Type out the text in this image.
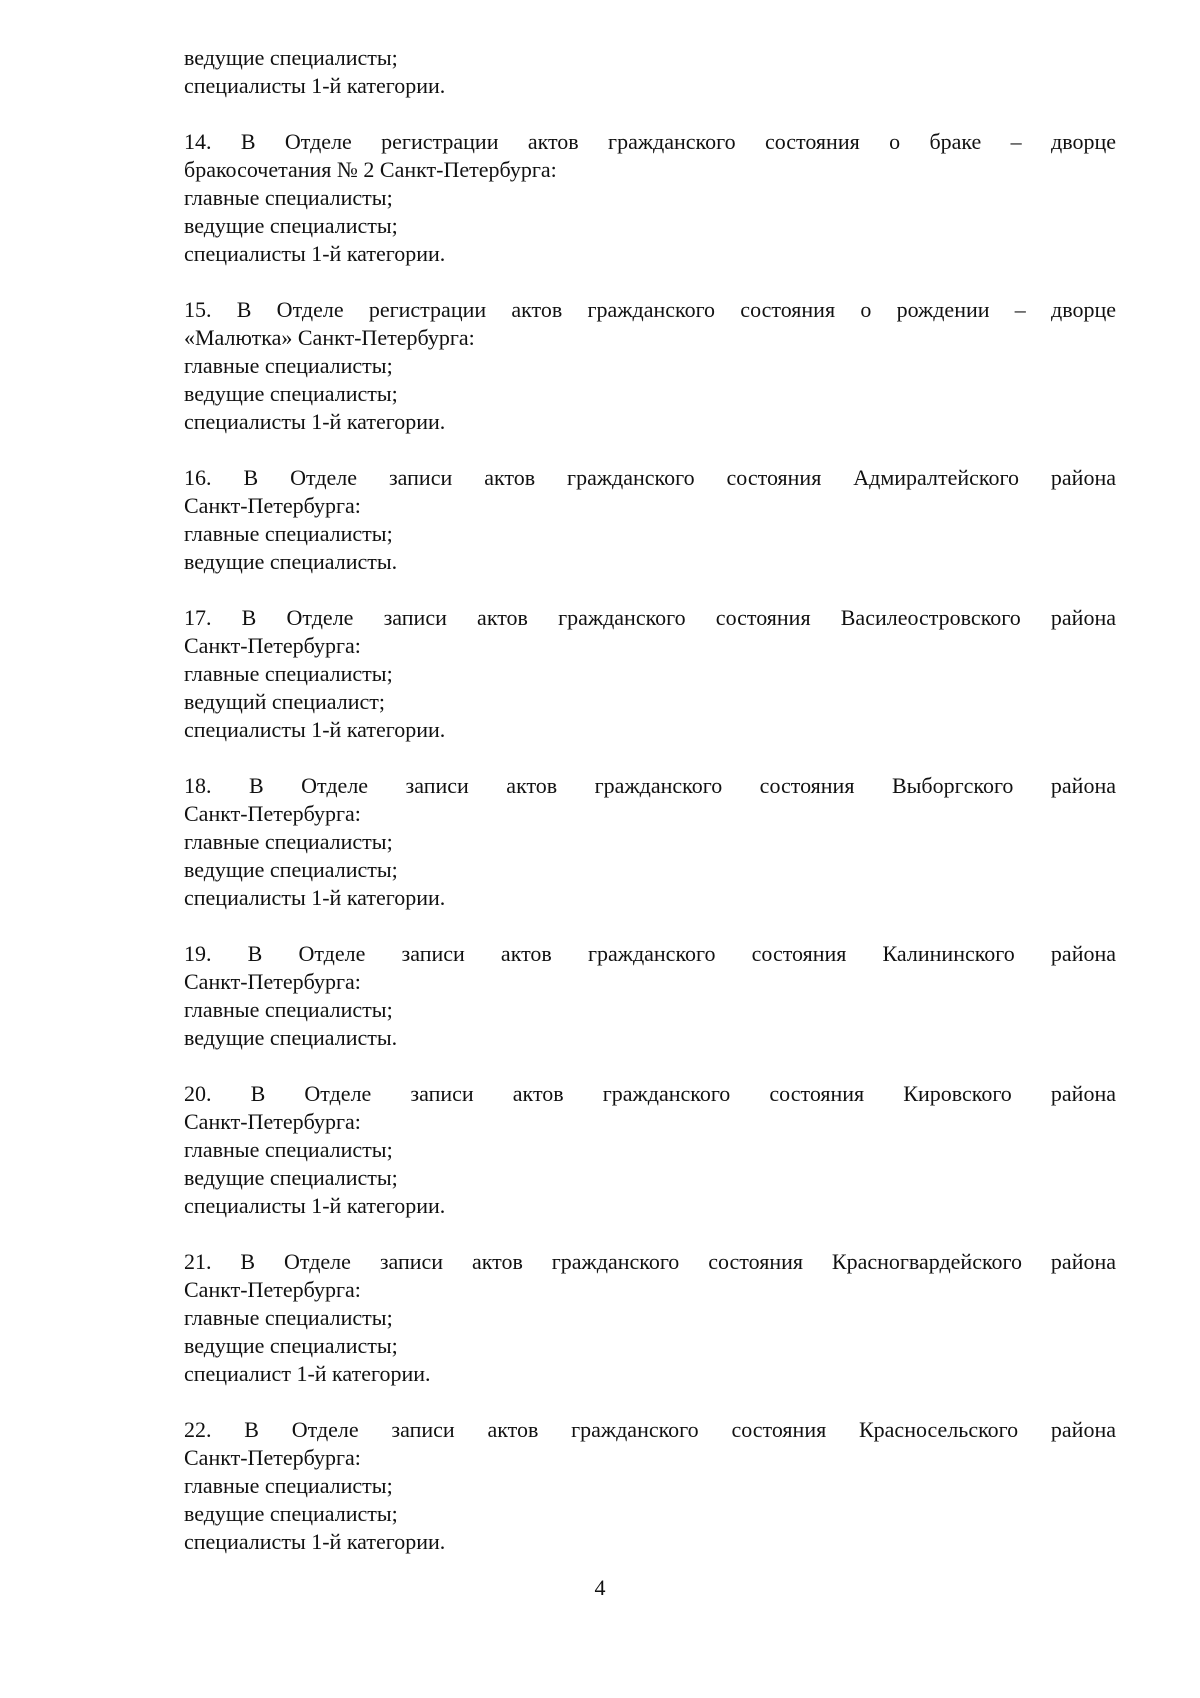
ведущие специалисты;
специалисты 1-й категории.
14. В Отделе регистрации актов гражданского состояния о браке – дворце
бракосочетания № 2 Санкт-Петербурга:
главные специалисты;
ведущие специалисты;
специалисты 1-й категории.
15. В Отделе регистрации актов гражданского состояния о рождении – дворце
«Малютка» Санкт-Петербурга:
главные специалисты;
ведущие специалисты;
специалисты 1-й категории.
16. В Отделе записи актов гражданского состояния Адмиралтейского района
Санкт-Петербурга:
главные специалисты;
ведущие специалисты.
17. В Отделе записи актов гражданского состояния Василеостровского района
Санкт-Петербурга:
главные специалисты;
ведущий специалист;
специалисты 1-й категории.
18. В Отделе записи актов гражданского состояния Выборгского района
Санкт-Петербурга:
главные специалисты;
ведущие специалисты;
специалисты 1-й категории.
19. В Отделе записи актов гражданского состояния Калининского района
Санкт-Петербурга:
главные специалисты;
ведущие специалисты.
20. В Отделе записи актов гражданского состояния Кировского района
Санкт-Петербурга:
главные специалисты;
ведущие специалисты;
специалисты 1-й категории.
21. В Отделе записи актов гражданского состояния Красногвардейского района
Санкт-Петербурга:
главные специалисты;
ведущие специалисты;
специалист 1-й категории.
22. В Отделе записи актов гражданского состояния Красносельского района
Санкт-Петербурга:
главные специалисты;
ведущие специалисты;
специалисты 1-й категории.
4
